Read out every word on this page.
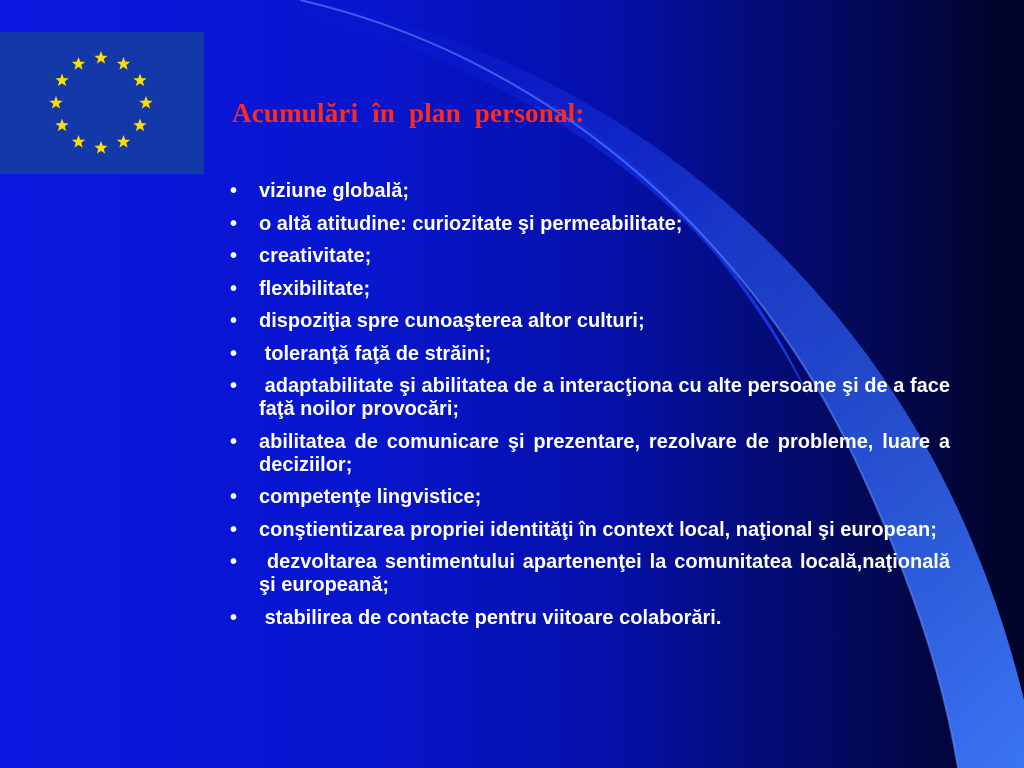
Acumulări  în  plan  personal:
• viziune globală;
• o altă atitudine: curiozitate şi permeabilitate;
• creativitate;
• flexibilitate;
• dispoziţia spre cunoaşterea altor culturi;
• toleranţă faţă de străini;
• adaptabilitate şi abilitatea de a interacţiona cu alte persoane şi de a face faţă noilor provocări;
• abilitatea de comunicare şi prezentare, rezolvare de probleme, luare a deciziilor;
• competenţe lingvistice;
• conştientizarea propriei identităţi în context local, naţional şi european;
• dezvoltarea sentimentului apartenenţei la comunitatea locală,naţională şi europeană;
• stabilirea de contacte pentru viitoare colaborări.
